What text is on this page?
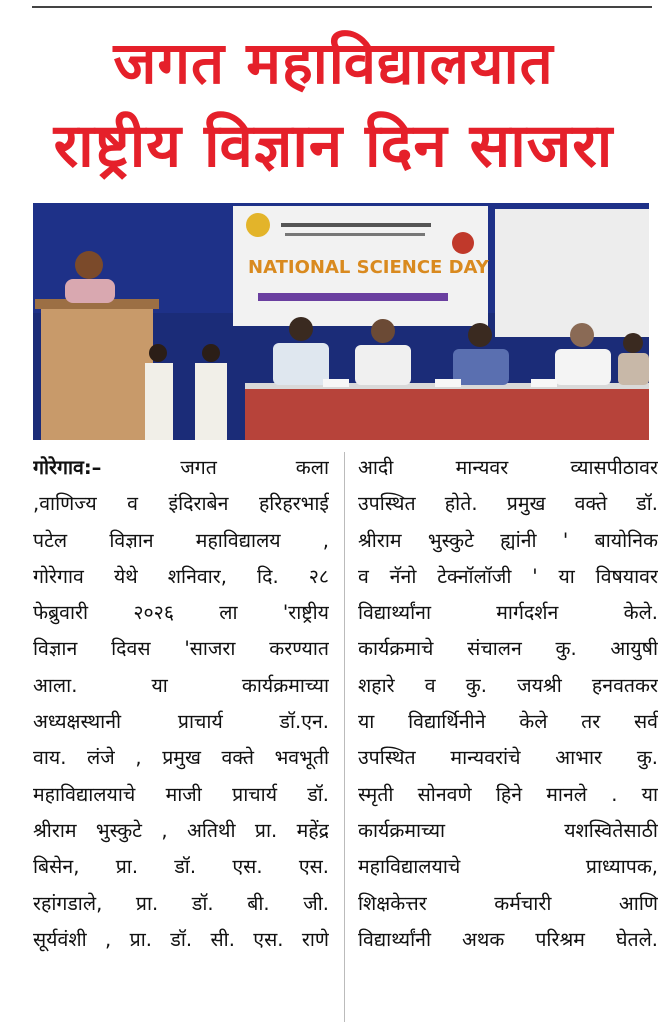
जगत महाविद्यालयात
राष्ट्रीय विज्ञान दिन साजरा
NATIONAL SCIENCE DAY
गोरेगाव:–	जगत कला
,वाणिज्य व इंदिराबेन हरिहरभाई
पटेल विज्ञान महाविद्यालय ,
गोरेगाव येथे शनिवार, दि. २८
फेब्रुवारी २०२६ ला 'राष्ट्रीय
विज्ञान दिवस 'साजरा करण्यात
आला. या कार्यक्रमाच्या
अध्यक्षस्थानी प्राचार्य डॉ.एन.
वाय. लंजे , प्रमुख वक्ते भवभूती
महाविद्यालयाचे माजी प्राचार्य डॉ.
श्रीराम भुस्कुटे , अतिथी प्रा. महेंद्र
बिसेन, प्रा. डॉ. एस. एस.
रहांगडाले, प्रा. डॉ. बी. जी.
सूर्यवंशी , प्रा. डॉ. सी. एस. राणे
आदी मान्यवर व्यासपीठावर
उपस्थित होते. प्रमुख वक्ते डॉ.
श्रीराम भुस्कुटे ह्यांनी ' बायोनिक
व नॅनो टेक्नॉलॉजी ' या विषयावर
विद्यार्थ्यांना मार्गदर्शन केले.
कार्यक्रमाचे संचालन कु. आयुषी
शहारे व कु. जयश्री हनवतकर
या विद्यार्थिनीने केले तर सर्व
उपस्थित मान्यवरांचे आभार कु.
स्मृती सोनवणे हिने मानले . या
कार्यक्रमाच्या यशस्वितेसाठी
महाविद्यालयाचे प्राध्यापक,
शिक्षकेत्तर कर्मचारी आणि
विद्यार्थ्यांनी अथक परिश्रम घेतले.
